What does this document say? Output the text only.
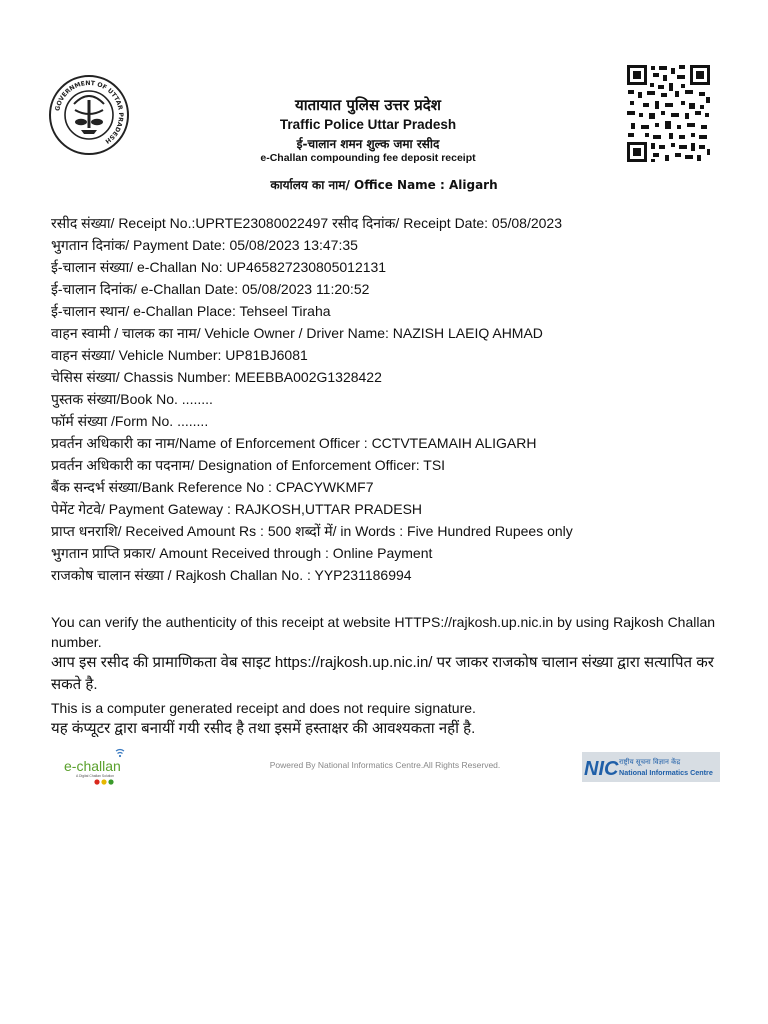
GOVERNMENT OF UTTAR PRADESH
यातायात पुलिस उत्तर प्रदेश
Traffic Police Uttar Pradesh
ई-चालान शमन शुल्क जमा रसीद
e-Challan compounding fee deposit receipt
कार्यालय का नाम/ Office Name : Aligarh
रसीद संख्या/ Receipt No.:UPRTE23080022497 रसीद दिनांक/ Receipt Date: 05/08/2023
भुगतान दिनांक/ Payment Date: 05/08/2023 13:47:35
ई-चालान संख्या/ e-Challan No: UP465827230805012131
ई-चालान दिनांक/ e-Challan Date: 05/08/2023 11:20:52
ई-चालान स्थान/ e-Challan Place: Tehseel Tiraha
वाहन स्वामी / चालक का नाम/ Vehicle Owner / Driver Name: NAZISH LAEIQ AHMAD
वाहन संख्या/ Vehicle Number: UP81BJ6081
चेसिस संख्या/ Chassis Number: MEEBBA002G1328422
पुस्तक संख्या/Book No. ........
फॉर्म संख्या /Form No. ........
प्रवर्तन अधिकारी का नाम/Name of Enforcement Officer : CCTVTEAMAIH ALIGARH
प्रवर्तन अधिकारी का पदनाम/ Designation of Enforcement Officer: TSI
बैंक सन्दर्भ संख्या/Bank Reference No : CPACYWKMF7
पेमेंट गेटवे/ Payment Gateway : RAJKOSH,UTTAR PRADESH
प्राप्त धनराशि/ Received Amount Rs : 500 शब्दों में/ in Words : Five Hundred Rupees only
भुगतान प्राप्ति प्रकार/ Amount Received through : Online Payment
राजकोष चालान संख्या / Rajkosh Challan No. : YYP231186994

You can verify the authenticity of this receipt at website HTTPS://rajkosh.up.nic.in by using Rajkosh Challan number.

आप इस रसीद की प्रामाणिकता वेब साइट https://rajkosh.up.nic.in/ पर जाकर राजकोष चालान संख्या द्वारा सत्यापित कर सकते है.

This is a computer generated receipt and does not require signature.

यह कंप्यूटर द्वारा बनायीं गयी रसीद है तथा इसमें हस्ताक्षर की आवश्यकता नहीं है.

e-challan
A Digital Challan Solution
Powered By National Informatics Centre.All Rights Reserved.	NIC राष्ट्रीय सूचना विज्ञान केंद्र
National Informatics Centre
